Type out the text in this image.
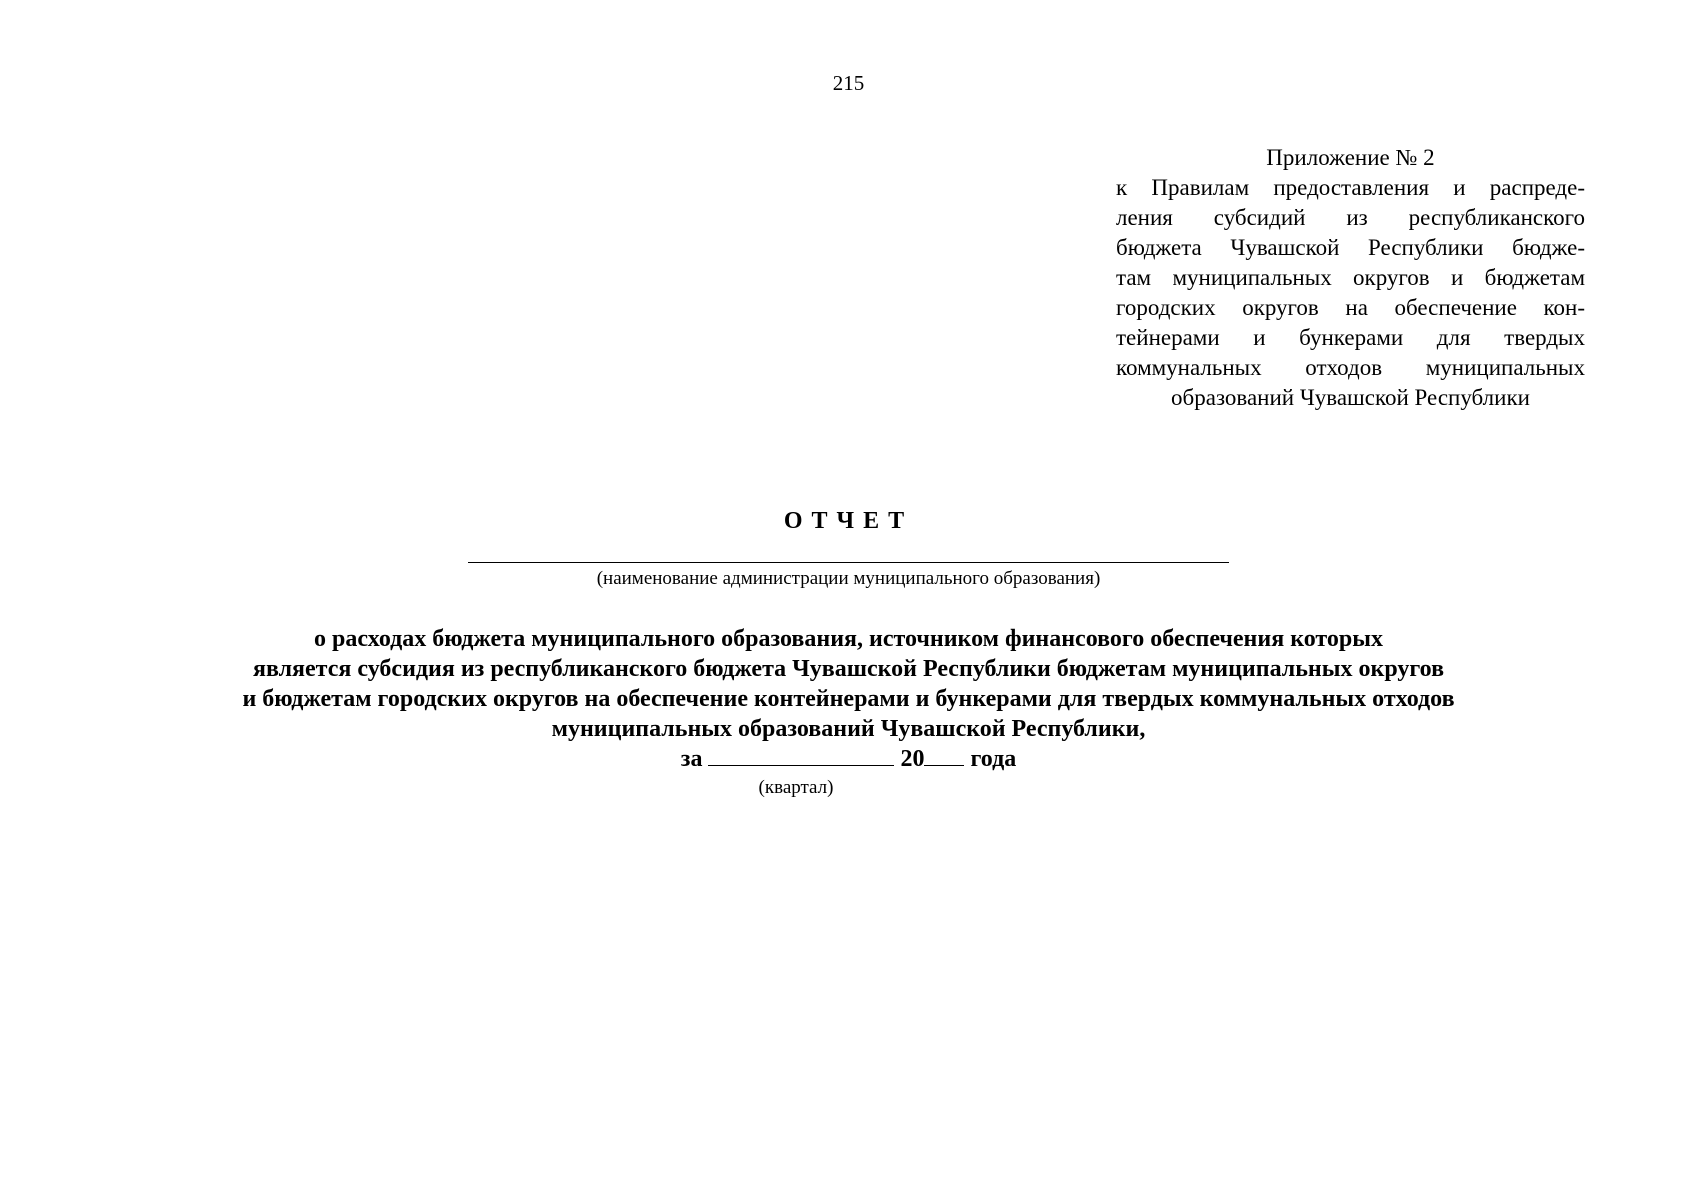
215
Приложение № 2
к Правилам предоставления и распреде-
ления субсидий из республиканского
бюджета Чувашской Республики бюдже-
там муниципальных округов и бюджетам
городских округов на обеспечение кон-
тейнерами и бункерами для твердых
коммунальных отходов муниципальных
образований Чувашской Республики
ОТЧЕТ
(наименование администрации муниципального образования)
о расходах бюджета муниципального образования, источником финансового обеспечения которых
является субсидия из республиканского бюджета Чувашской Республики бюджетам муниципальных округов
и бюджетам городских округов на обеспечение контейнерами и бункерами для твердых коммунальных отходов
муниципальных образований Чувашской Республики,
за	20 года
(квартал)
